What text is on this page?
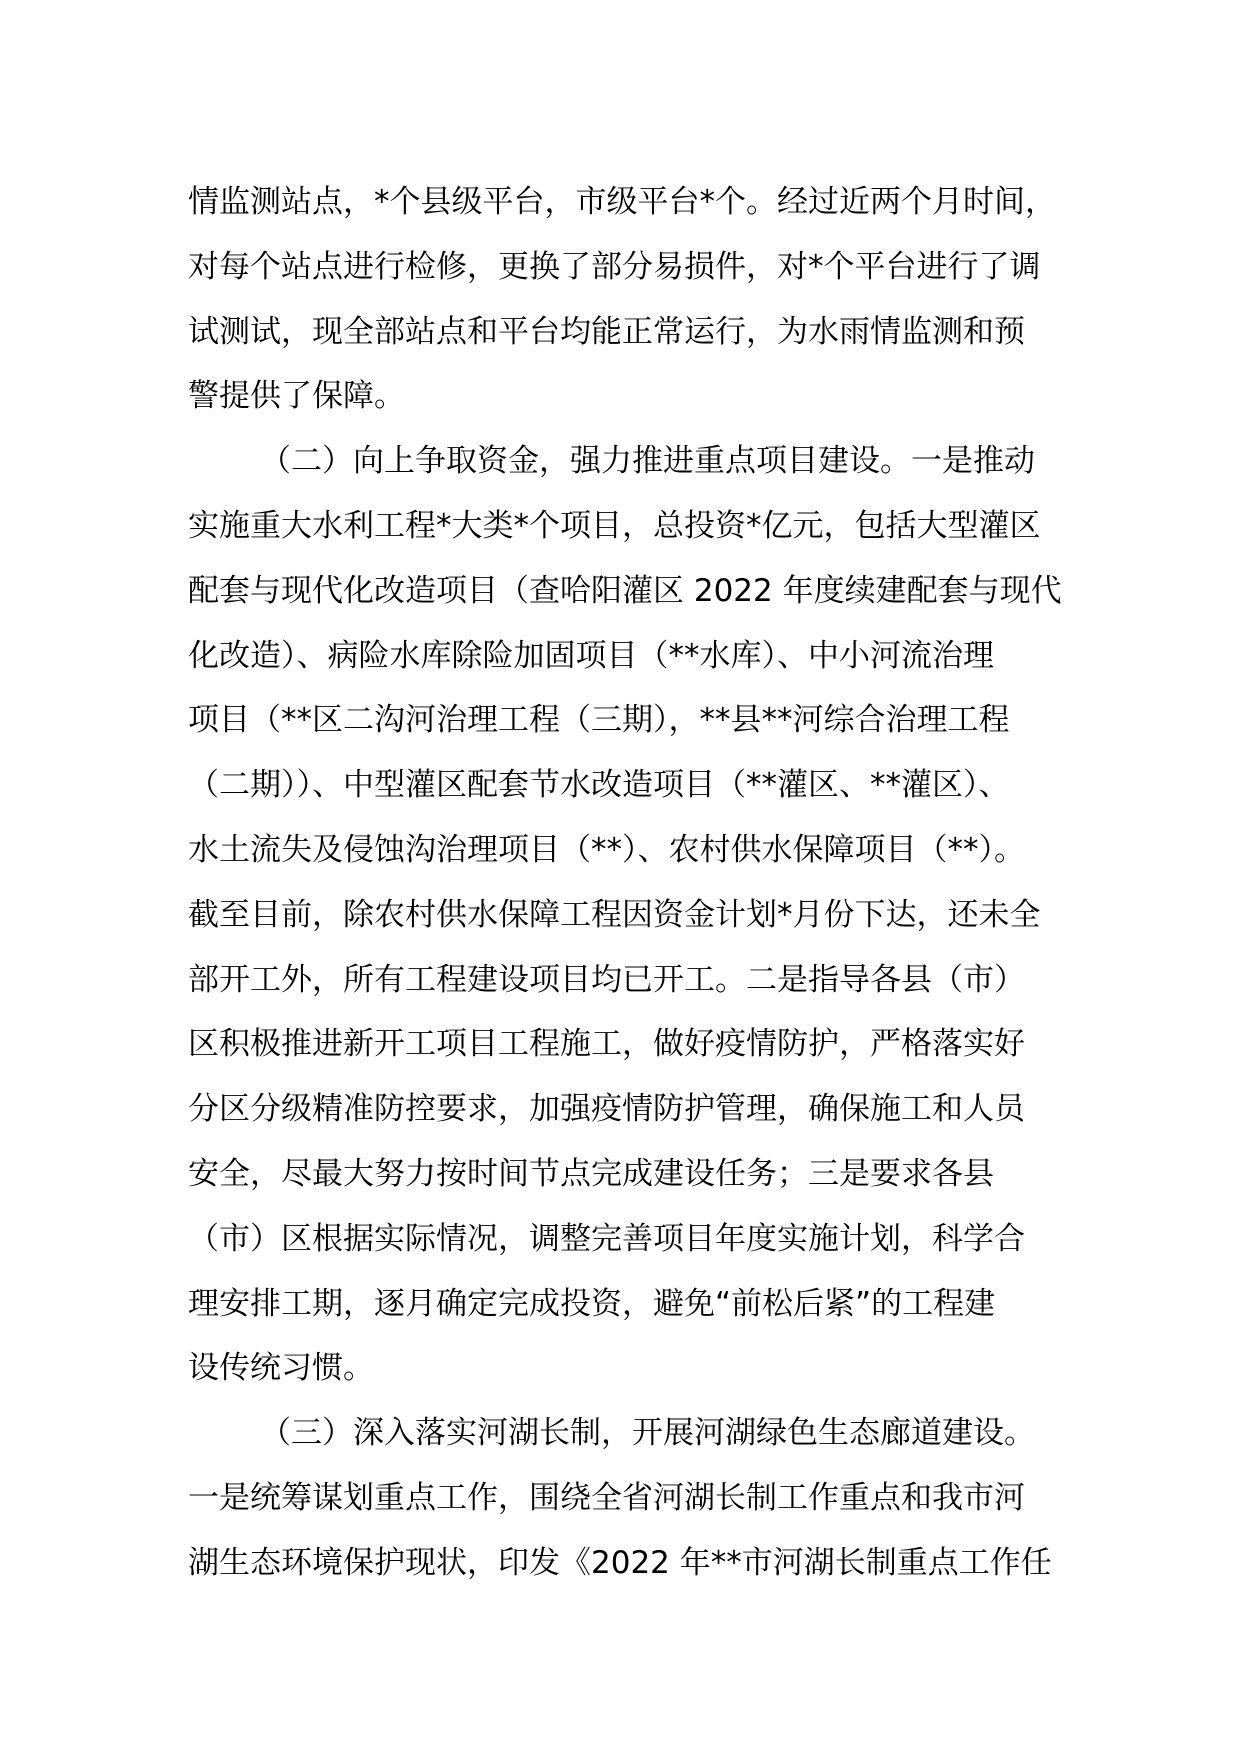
情监测站点，*个县级平台，市级平台*个。经过近两个月时间，
对每个站点进行检修，更换了部分易损件，对*个平台进行了调
试测试，现全部站点和平台均能正常运行，为水雨情监测和预
警提供了保障。
（二）向上争取资金，强力推进重点项目建设。一是推动
实施重大水利工程*大类*个项目，总投资*亿元，包括大型灌区
配套与现代化改造项目（查哈阳灌区 2022 年度续建配套与现代
化改造）、病险水库除险加固项目（**水库）、中小河流治理
项目（**区二沟河治理工程（三期），**县**河综合治理工程
（二期））、中型灌区配套节水改造项目（**灌区、**灌区）、
水土流失及侵蚀沟治理项目（**）、农村供水保障项目（**）。
截至目前，除农村供水保障工程因资金计划*月份下达，还未全
部开工外，所有工程建设项目均已开工。二是指导各县（市）
区积极推进新开工项目工程施工，做好疫情防护，严格落实好
分区分级精准防控要求，加强疫情防护管理，确保施工和人员
安全，尽最大努力按时间节点完成建设任务；三是要求各县
（市）区根据实际情况，调整完善项目年度实施计划，科学合
理安排工期，逐月确定完成投资，避免“前松后紧”的工程建
设传统习惯。
（三）深入落实河湖长制，开展河湖绿色生态廊道建设。
一是统筹谋划重点工作，围绕全省河湖长制工作重点和我市河
湖生态环境保护现状，印发《2022 年**市河湖长制重点工作任
